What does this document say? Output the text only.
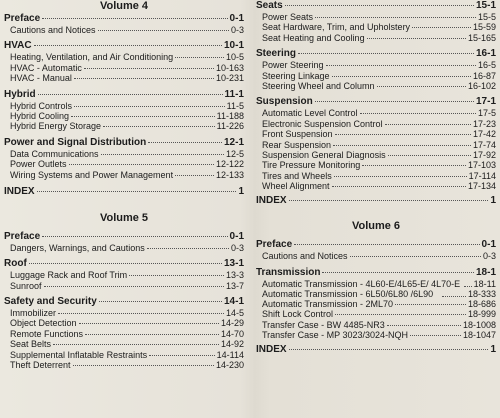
Volume 4
Preface	0-1
Cautions and Notices	0-3
HVAC	10-1
Heating, Ventilation, and Air Conditioning	10-5
HVAC - Automatic	10-163
HVAC - Manual	10-231
Hybrid	11-1
Hybrid Controls	11-5
Hybrid Cooling	11-188
Hybrid Energy Storage	11-226
Power and Signal Distribution	12-1
Data Communications	12-5
Power Outlets	12-122
Wiring Systems and Power Management	12-133
INDEX	1
Volume 5
Preface	0-1
Dangers, Warnings, and Cautions	0-3
Roof	13-1
Luggage Rack and Roof Trim	13-3
Sunroof	13-7
Safety and Security	14-1
Immobilizer	14-5
Object Detection	14-29
Remote Functions	14-70
Seat Belts	14-92
Supplemental Inflatable Restraints	14-114
Theft Deterrent	14-230
Seats	15-1
Power Seats	15-5
Seat Hardware, Trim, and Upholstery	15-59
Seat Heating and Cooling	15-165
Steering	16-1
Power Steering	16-5
Steering Linkage	16-87
Steering Wheel and Column	16-102
Suspension	17-1
Automatic Level Control	17-5
Electronic Suspension Control	17-23
Front Suspension	17-42
Rear Suspension	17-74
Suspension General Diagnosis	17-92
Tire Pressure Monitoring	17-103
Tires and Wheels	17-114
Wheel Alignment	17-134
INDEX	1
Volume 6
Preface	0-1
Cautions and Notices	0-3
Transmission	18-1
Automatic Transmission - 4L60-E/4L65-E/ 4L70-E 18-11
Automatic Transmission - 6L50/6L80 /6L90	18-333
Automatic Transmission - 2ML70	18-686
Shift Lock Control	18-999
Transfer Case - BW 4485-NR3	18-1008
Transfer Case - MP 3023/3024-NQH	18-1047
INDEX	1
